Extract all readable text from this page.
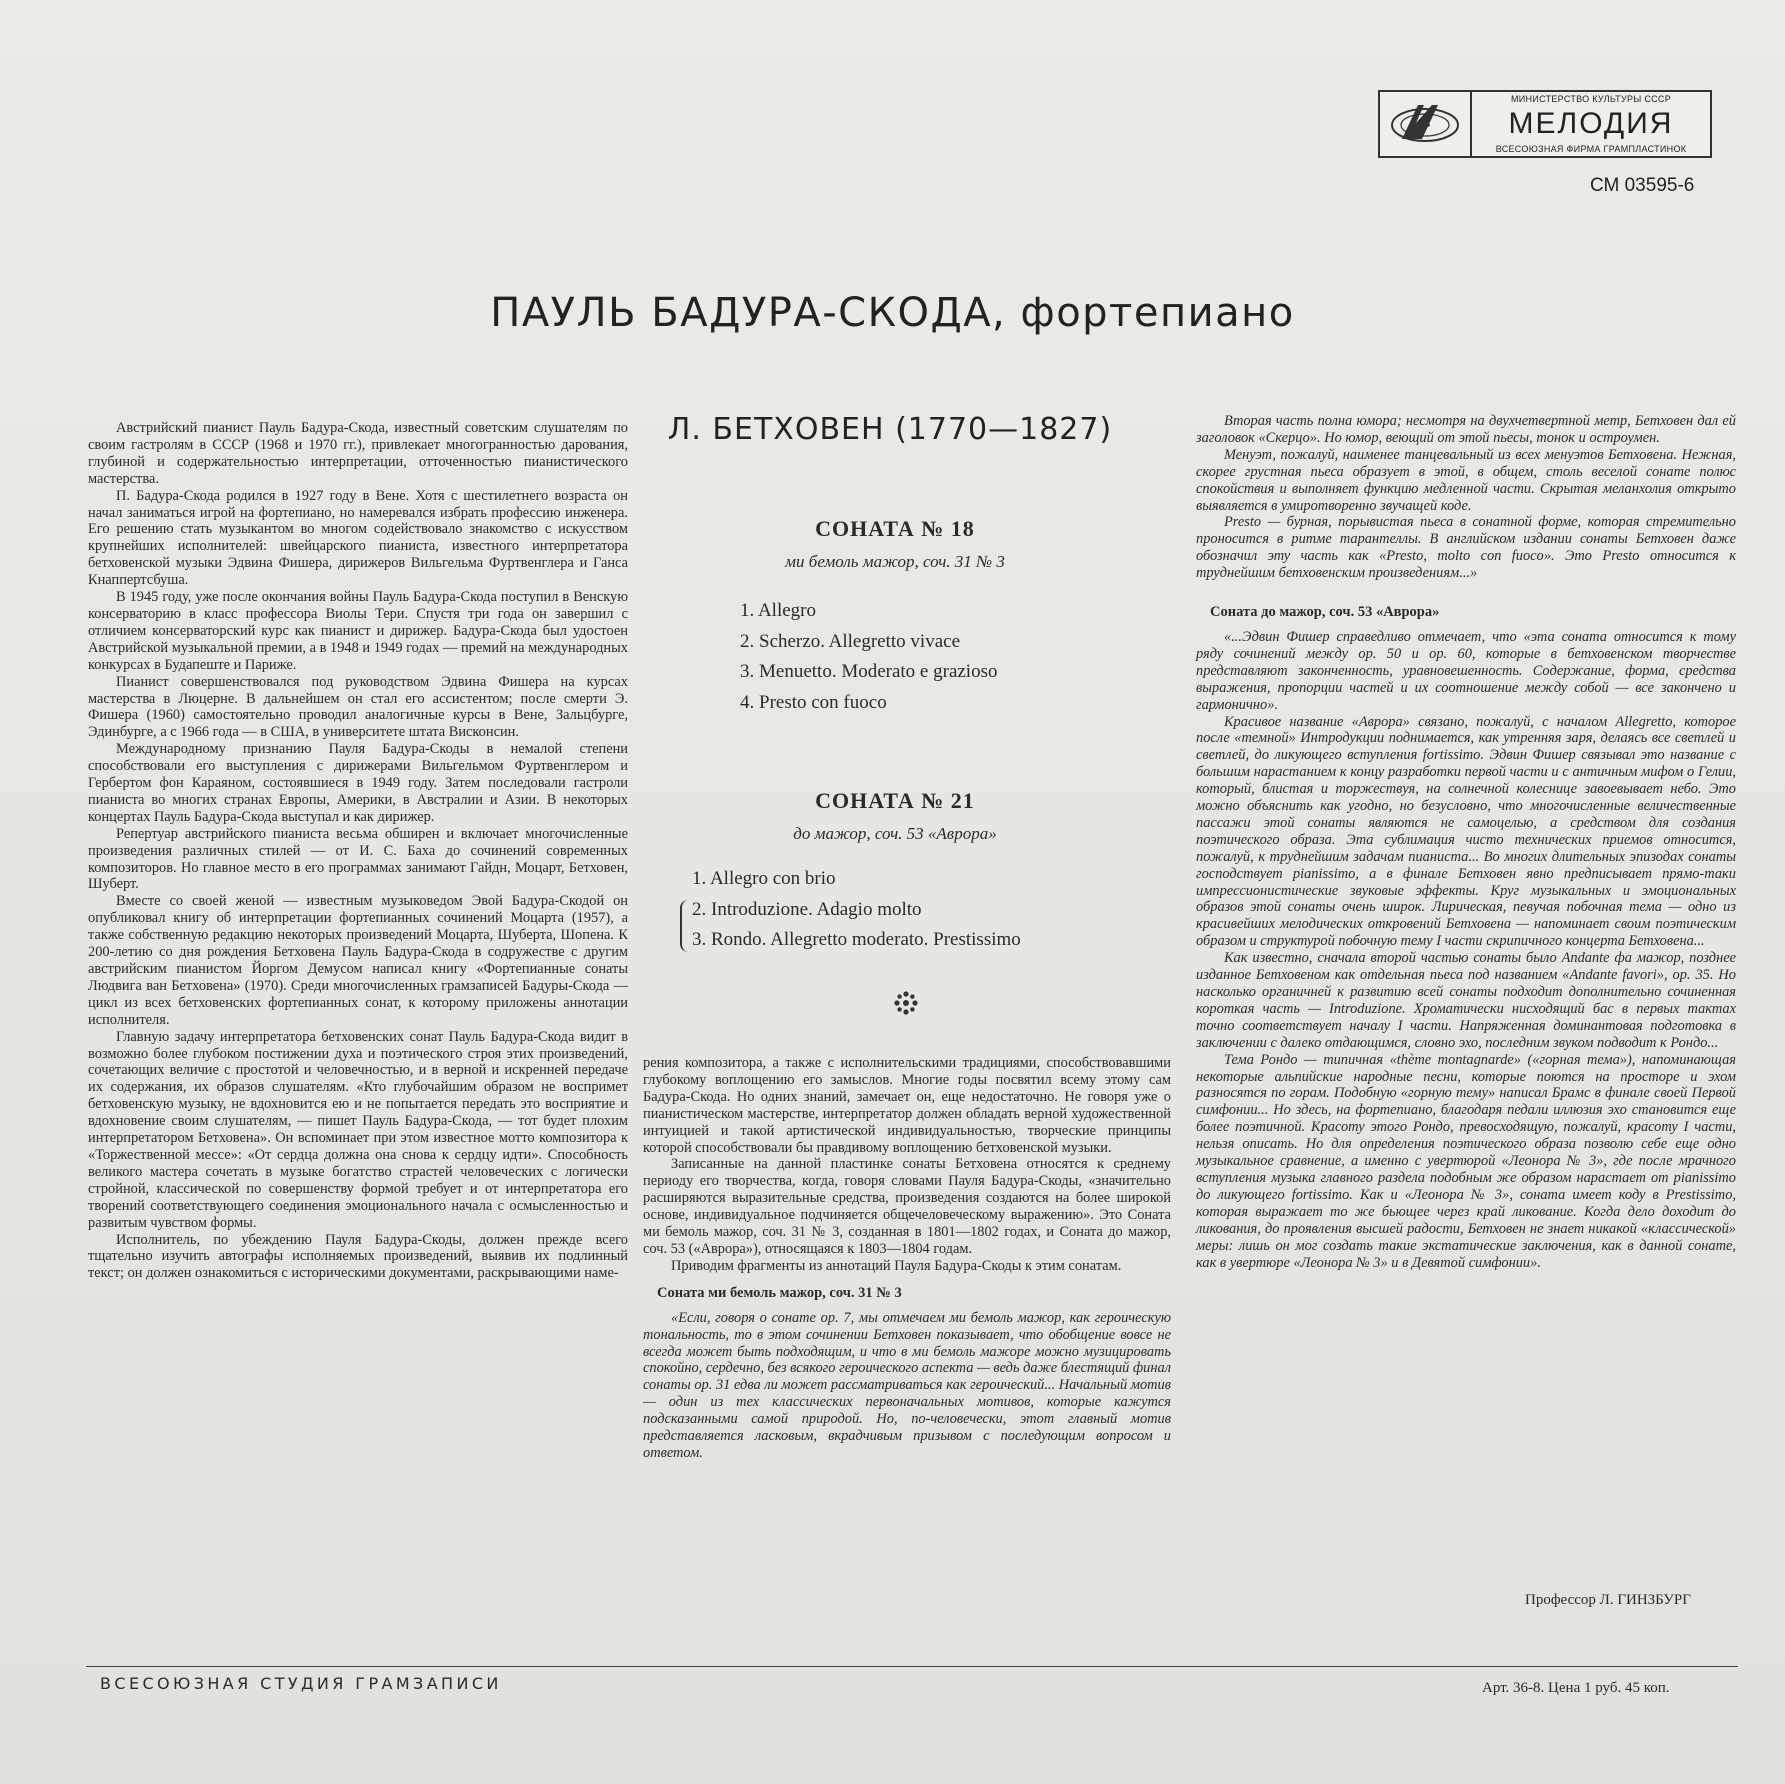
МИНИСТЕРСТВО КУЛЬТУРЫ СССР
МЕЛОДИЯ
ВСЕСОЮЗНАЯ ФИРМА ГРАМПЛАСТИНОК
СМ 03595-6
ПАУЛЬ БАДУРА-СКОДА, фортепиано
Л. БЕТХОВЕН (1770—1827)
СОНАТА № 18
ми бемоль мажор, соч. 31 № 3
1. Allegro
2. Scherzo. Allegretto vivace
3. Menuetto. Moderato e grazioso
4. Presto con fuoco
СОНАТА № 21
до мажор, соч. 53 «Аврора»
1. Allegro con brio
2. Introduzione. Adagio molto
3. Rondo. Allegretto moderato. Prestissimo

Австрийский пианист Пауль Бадура-Скода, известный советским слушателям по своим гастролям в СССР (1968 и 1970 гг.), привлекает многогранностью дарования, глубиной и содержательностью интерпретации, отточенностью пианистического мастерства.

П. Бадура-Скода родился в 1927 году в Вене. Хотя с шестилетнего возраста он начал заниматься игрой на фортепиано, но намеревался избрать профессию инженера. Его решению стать музыкантом во многом содействовало знакомство с искусством крупнейших исполнителей: швейцарского пианиста, известного интерпретатора бетховенской музыки Эдвина Фишера, дирижеров Вильгельма Фуртвенглера и Ганса Кнаппертсбуша.

В 1945 году, уже после окончания войны Пауль Бадура-Скода поступил в Венскую консерваторию в класс профессора Виолы Тери. Спустя три года он завершил с отличием консерваторский курс как пианист и дирижер. Бадура-Скода был удостоен Австрийской музыкальной премии, а в 1948 и 1949 годах — премий на международных конкурсах в Будапеште и Париже.

Пианист совершенствовался под руководством Эдвина Фишера на курсах мастерства в Люцерне. В дальнейшем он стал его ассистентом; после смерти Э. Фишера (1960) самостоятельно проводил аналогичные курсы в Вене, Зальцбурге, Эдинбурге, а с 1966 года — в США, в университете штата Висконсин.

Международному признанию Пауля Бадура-Скоды в немалой степени способствовали его выступления с дирижерами Вильгельмом Фуртвенглером и Гербертом фон Караяном, состоявшиеся в 1949 году. Затем последовали гастроли пианиста во многих странах Европы, Америки, в Австралии и Азии. В некоторых концертах Пауль Бадура-Скода выступал и как дирижер.

Репертуар австрийского пианиста весьма обширен и включает многочисленные произведения различных стилей — от И. С. Баха до сочинений современных композиторов. Но главное место в его программах занимают Гайдн, Моцарт, Бетховен, Шуберт.

Вместе со своей женой — известным музыковедом Эвой Бадура-Скодой он опубликовал книгу об интерпретации фортепианных сочинений Моцарта (1957), а также собственную редакцию некоторых произведений Моцарта, Шуберта, Шопена. К 200-летию со дня рождения Бетховена Пауль Бадура-Скода в содружестве с другим австрийским пианистом Йоргом Демусом написал книгу «Фортепианные сонаты Людвига ван Бетховена» (1970). Среди многочисленных грамзаписей Бадуры-Скода — цикл из всех бетховенских фортепианных сонат, к которому приложены аннотации исполнителя.

Главную задачу интерпретатора бетховенских сонат Пауль Бадура-Скода видит в возможно более глубоком постижении духа и поэтического строя этих произведений, сочетающих величие с простотой и человечностью, и в верной и искренней передаче их содержания, их образов слушателям. «Кто глубочайшим образом не воспримет бетховенскую музыку, не вдохновится ею и не попытается передать это восприятие и вдохновение своим слушателям, — пишет Пауль Бадура-Скода, — тот будет плохим интерпретатором Бетховена». Он вспоминает при этом известное мотто композитора к «Торжественной мессе»: «От сердца должна она снова к сердцу идти». Способность великого мастера сочетать в музыке богатство страстей человеческих с логически стройной, классической по совершенству формой требует и от интерпретатора его творений соответствующего соединения эмоционального начала с осмысленностью и развитым чувством формы.

Исполнитель, по убеждению Пауля Бадура-Скоды, должен прежде всего тщательно изучить автографы исполняемых произведений, выявив их подлинный текст; он должен ознакомиться с историческими документами, раскрывающими наме-

рения композитора, а также с исполнительскими традициями, способствовавшими глубокому воплощению его замыслов. Многие годы посвятил всему этому сам Бадура-Скода. Но одних знаний, замечает он, еще недостаточно. Не говоря уже о пианистическом мастерстве, интерпретатор должен обладать верной художественной интуицией и такой артистической индивидуальностью, творческие принципы которой способствовали бы правдивому воплощению бетховенской музыки.

Записанные на данной пластинке сонаты Бетховена относятся к среднему периоду его творчества, когда, говоря словами Пауля Бадура-Скоды, «значительно расширяются выразительные средства, произведения создаются на более широкой основе, индивидуальное подчиняется общечеловеческому выражению». Это Соната ми бемоль мажор, соч. 31 № 3, созданная в 1801—1802 годах, и Соната до мажор, соч. 53 («Аврора»), относящаяся к 1803—1804 годам.

Приводим фрагменты из аннотаций Пауля Бадура-Скоды к этим сонатам.

Соната ми бемоль мажор, соч. 31 № 3

«Если, говоря о сонате ор. 7, мы отмечаем ми бемоль мажор, как героическую тональность, то в этом сочинении Бетховен показывает, что обобщение вовсе не всегда может быть подходящим, и что в ми бемоль мажоре можно музицировать спокойно, сердечно, без всякого героического аспекта — ведь даже блестящий финал сонаты ор. 31 едва ли может рассматриваться как героический... Начальный мотив — один из тех классических первоначальных мотивов, которые кажутся подсказанными самой природой. Но, по-человечески, этот главный мотив представляется ласковым, вкрадчивым призывом с последующим вопросом и ответом.

Вторая часть полна юмора; несмотря на двухчетвертной метр, Бетховен дал ей заголовок «Скерцо». Но юмор, веющий от этой пьесы, тонок и остроумен.

Менуэт, пожалуй, наименее танцевальный из всех менуэтов Бетховена. Нежная, скорее грустная пьеса образует в этой, в общем, столь веселой сонате полюс спокойствия и выполняет функцию медленной части. Скрытая меланхолия открыто выявляется в умиротворенно звучащей коде.

Presto — бурная, порывистая пьеса в сонатной форме, которая стремительно проносится в ритме тарантеллы. В английском издании сонаты Бетховен даже обозначил эту часть как «Presto, molto con fuoco». Это Presto относится к труднейшим бетховенским произведениям...»

Соната до мажор, соч. 53 «Аврора»

«...Эдвин Фишер справедливо отмечает, что «эта соната относится к тому ряду сочинений между ор. 50 и ор. 60, которые в бетховенском творчестве представляют законченность, уравновешенность. Содержание, форма, средства выражения, пропорции частей и их соотношение между собой — все закончено и гармонично».

Красивое название «Аврора» связано, пожалуй, с началом Allegretto, которое после «темной» Интродукции поднимается, как утренняя заря, делаясь все светлей и светлей, до ликующего вступления fortissimo. Эдвин Фишер связывал это название с большим нарастанием к концу разработки первой части и с античным мифом о Гелии, который, блистая и торжествуя, на солнечной колеснице завоевывает небо. Это можно объяснить как угодно, но безусловно, что многочисленные величественные пассажи этой сонаты являются не самоцелью, а средством для создания поэтического образа. Эта сублимация чисто технических приемов относится, пожалуй, к труднейшим задачам пианиста... Во многих длительных эпизодах сонаты господствует pianissimo, а в финале Бетховен явно предписывает прямо-таки импрессионистические звуковые эффекты. Круг музыкальных и эмоциональных образов этой сонаты очень широк. Лирическая, певучая побочная тема — одно из красивейших мелодических откровений Бетховена — напоминает своим поэтическим образом и структурой побочную тему I части скрипичного концерта Бетховена...

Как известно, сначала второй частью сонаты было Andante фа мажор, позднее изданное Бетховеном как отдельная пьеса под названием «Andante favori», ор. 35. Но насколько органичней к развитию всей сонаты подходит дополнительно сочиненная короткая часть — Introduzione. Хроматически нисходящий бас в первых тактах точно соответствует началу I части. Напряженная доминантовая подготовка в заключении с далеко отдающимся, словно эхо, последним звуком подводит к Рондо...

Тема Рондо — типичная «thème montagnarde» («горная тема»), напоминающая некоторые альпийские народные песни, которые поются на просторе и эхом разносятся по горам. Подобную «горную тему» написал Брамс в финале своей Первой симфонии... Но здесь, на фортепиано, благодаря педали иллюзия эхо становится еще более поэтичной. Красоту этого Рондо, превосходящую, пожалуй, красоту I части, нельзя описать. Но для определения поэтического образа позволю себе еще одно музыкальное сравнение, а именно с увертюрой «Леонора № 3», где после мрачного вступления музыка главного раздела подобным же образом нарастает от pianissimo до ликующего fortissimo. Как и «Леонора № 3», соната имеет коду в Prestissimo, которая выражает то же бьющее через край ликование. Когда дело доходит до ликования, до проявления высшей радости, Бетховен не знает никакой «классической» меры: лишь он мог создать такие экстатические заключения, как в данной сонате, как в увертюре «Леонора № 3» и в Девятой симфонии».

Профессор Л. ГИНЗБУРГ
ВСЕСОЮЗНАЯ СТУДИЯ ГРАМЗАПИСИ	Арт. 36-8. Цена 1 руб. 45 коп.
